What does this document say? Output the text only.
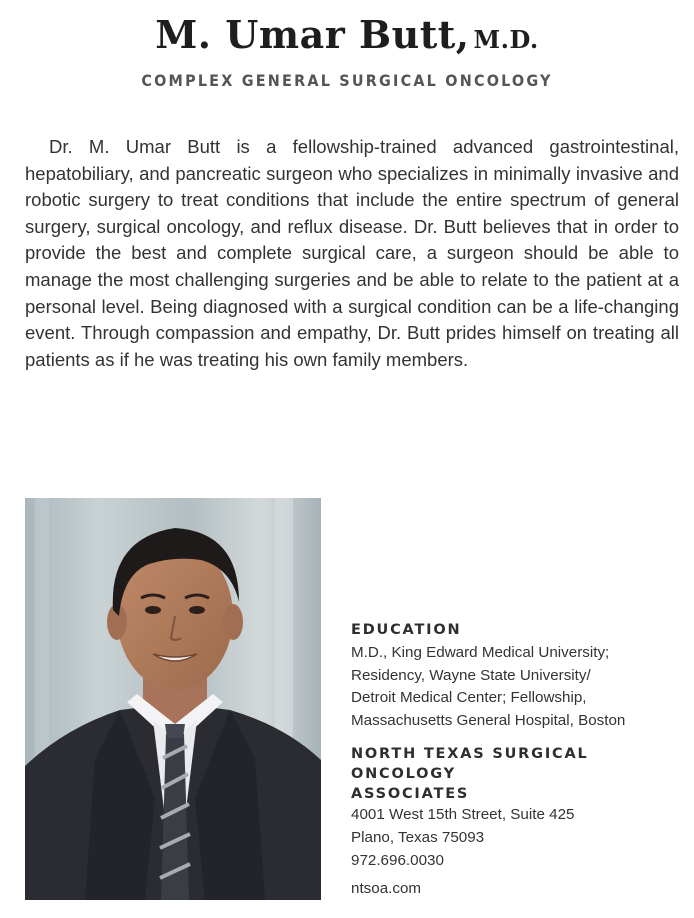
M. Umar Butt, M.D.
COMPLEX GENERAL SURGICAL ONCOLOGY

Dr. M. Umar Butt is a fellowship-trained advanced gastrointestinal, hepatobiliary, and pancreatic surgeon who specializes in minimally invasive and robotic surgery to treat conditions that include the entire spectrum of general surgery, surgical oncology, and reflux disease. Dr. Butt believes that in order to provide the best and complete surgical care, a surgeon should be able to manage the most challenging surgeries and be able to relate to the patient at a personal level. Being diagnosed with a surgical condition can be a life-changing event. Through compassion and empathy, Dr. Butt prides himself on treating all patients as if he was treating his own family members.

EDUCATION

M.D., King Edward Medical University;

Residency, Wayne State University/

Detroit Medical Center; Fellowship,

Massachusetts General Hospital, Boston

NORTH TEXAS SURGICAL ONCOLOGY
ASSOCIATES

4001 West 15th Street, Suite 425

Plano, Texas 75093

972.696.0030

ntsoa.com
